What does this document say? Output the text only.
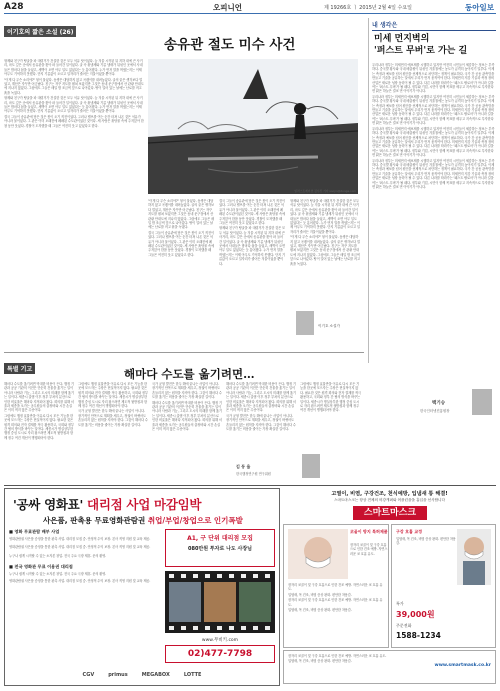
A28	오피니언	제 19266호 ㅣ 2015년 2월 4일 수요일	동아일보
이기호의 짧은 소설 (26)
송유관 절도 미수 사건

형제와 친구가 땅굴을 파 대령거가 건설한 것은 모두 석유 탓이었다. 늦 겨울 시작된 뒤 지하 내에 큰 사거리, 마도 깊은 곳에서 송유관을 찾아 파 들어간 일이었다. 굴 속 흙냄새와 기름 냄새가 뒤섞인 곳에서 사내들은 밤마다 삽을 들었고, 새벽이 오면 아무 일도 없었다는 듯 흩어졌다. 누가 먼저 말을 꺼냈는지는 이제 아무도 기억하지 못했다. 단지 기름값이 오르고 일자리가 줄어든 겨울이었을 뿐이다.

"이게 다 무슨 소리야?" 형이 물었다. 동생은 대답하지 않고 곡괭이를 내려놓았다. 굴의 끝은 생각보다 멀었고, 계산은 자꾸만 어긋났다. 친구는 자꾸 지도를 펼쳐 보았지만 그것은 동네 문구점에서 산 관광 안내도에 지나지 않았다. 그럼에도 그들은 매일 밤 조금씩 앞으로 나아갔다. 땅이 얼어 있는 날에는 난로를 켜고 흙을 녹였다.

형제와 친구가 땅굴을 파 대령거가 건설한 것은 모두 석유 탓이었다. 늦 겨울 시작된 뒤 지하 내에 큰 사거리, 마도 깊은 곳에서 송유관을 찾아 파 들어간 일이었다. 굴 속 흙냄새와 기름 냄새가 뒤섞인 곳에서 사내들은 밤마다 삽을 들었고, 새벽이 오면 아무 일도 없었다는 듯 흩어졌다. 누가 먼저 말을 꺼냈는지는 이제 아무도 기억하지 못했다. 단지 기름값이 오르고 일자리가 줄어든 겨울이었을 뿐이다.

결국 그들이 송유관에 닿은 것은 봄이 오기 직전이었다. 그러나 밸브를 여는 순간 터져 나온 것은 석유가 아니라 물이었다. 그 관은 이미 오래전에 폐쇄된 수도관이었던 것이다. 세 사람은 흙탕물 속에 주저앉아 한참 동안 웃었다. 경찰이 도착했을 때 그들은 여전히 웃고 있었다고 한다.

일러스트레이션 김수진 기자 soojin@donga.com

"이게 다 무슨 소리야?" 형이 물었다. 동생은 대답하지 않고 곡괭이를 내려놓았다. 굴의 끝은 생각보다 멀었고, 계산은 자꾸만 어긋났다. 친구는 자꾸 지도를 펼쳐 보았지만 그것은 동네 문구점에서 산 관광 안내도에 지나지 않았다. 그럼에도 그들은 매일 밤 조금씩 앞으로 나아갔다. 땅이 얼어 있는 날에는 난로를 켜고 흙을 녹였다.

결국 그들이 송유관에 닿은 것은 봄이 오기 직전이었다. 그러나 밸브를 여는 순간 터져 나온 것은 석유가 아니라 물이었다. 그 관은 이미 오래전에 폐쇄된 수도관이었던 것이다. 세 사람은 흙탕물 속에 주저앉아 한참 동안 웃었다. 경찰이 도착했을 때 그들은 여전히 웃고 있었다고 한다.

결국 그들이 송유관에 닿은 것은 봄이 오기 직전이었다. 그러나 밸브를 여는 순간 터져 나온 것은 석유가 아니라 물이었다. 그 관은 이미 오래전에 폐쇄된 수도관이었던 것이다. 세 사람은 흙탕물 속에 주저앉아 한참 동안 웃었다. 경찰이 도착했을 때 그들은 여전히 웃고 있었다고 한다.

형제와 친구가 땅굴을 파 대령거가 건설한 것은 모두 석유 탓이었다. 늦 겨울 시작된 뒤 지하 내에 큰 사거리, 마도 깊은 곳에서 송유관을 찾아 파 들어간 일이었다. 굴 속 흙냄새와 기름 냄새가 뒤섞인 곳에서 사내들은 밤마다 삽을 들었고, 새벽이 오면 아무 일도 없었다는 듯 흩어졌다. 누가 먼저 말을 꺼냈는지는 이제 아무도 기억하지 못했다. 단지 기름값이 오르고 일자리가 줄어든 겨울이었을 뿐이다.

형제와 친구가 땅굴을 파 대령거가 건설한 것은 모두 석유 탓이었다. 늦 겨울 시작된 뒤 지하 내에 큰 사거리, 마도 깊은 곳에서 송유관을 찾아 파 들어간 일이었다. 굴 속 흙냄새와 기름 냄새가 뒤섞인 곳에서 사내들은 밤마다 삽을 들었고, 새벽이 오면 아무 일도 없었다는 듯 흩어졌다. 누가 먼저 말을 꺼냈는지는 이제 아무도 기억하지 못했다. 단지 기름값이 오르고 일자리가 줄어든 겨울이었을 뿐이다.

"이게 다 무슨 소리야?" 형이 물었다. 동생은 대답하지 않고 곡괭이를 내려놓았다. 굴의 끝은 생각보다 멀었고, 계산은 자꾸만 어긋났다. 친구는 자꾸 지도를 펼쳐 보았지만 그것은 동네 문구점에서 산 관광 안내도에 지나지 않았다. 그럼에도 그들은 매일 밤 조금씩 앞으로 나아갔다. 땅이 얼어 있는 날에는 난로를 켜고 흙을 녹였다.

이기호 소설가
내 생각은
미세 먼지벽의
'퍼스트 무버'로 가는 길

우리나라 정부는 미세먼지 예보제를 시행하고 있지만 여전히 시민들이 체감하는 정보는 부족하다. 중국발 황사와 국내 배출원이 뒤섞인 겨울철에는 농도가 급격히 높아지기 일쑤다. 이제는 측정과 예보를 넘어 원인을 선제적으로 차단하는 정책이 필요하다. 국가 간 공동 관측망을 만들고 기술을 공유하는 일에서 우리가 먼저 움직여야 한다. 미세먼지 저감 기술과 측정 장비 산업은 새로운 성장 동력이 될 수 있다. 다른 나라를 따라가는 '패스트 팔로어'가 아니라 길을 여는 '퍼스트 무버'가 될 때다. 정부와 기업, 시민이 함께 목표를 세우고 지속적으로 투자한다면 맑은 하늘은 결코 먼 이야기가 아니다.

우리나라 정부는 미세먼지 예보제를 시행하고 있지만 여전히 시민들이 체감하는 정보는 부족하다. 중국발 황사와 국내 배출원이 뒤섞인 겨울철에는 농도가 급격히 높아지기 일쑤다. 이제는 측정과 예보를 넘어 원인을 선제적으로 차단하는 정책이 필요하다. 국가 간 공동 관측망을 만들고 기술을 공유하는 일에서 우리가 먼저 움직여야 한다. 미세먼지 저감 기술과 측정 장비 산업은 새로운 성장 동력이 될 수 있다. 다른 나라를 따라가는 '패스트 팔로어'가 아니라 길을 여는 '퍼스트 무버'가 될 때다. 정부와 기업, 시민이 함께 목표를 세우고 지속적으로 투자한다면 맑은 하늘은 결코 먼 이야기가 아니다.

우리나라 정부는 미세먼지 예보제를 시행하고 있지만 여전히 시민들이 체감하는 정보는 부족하다. 중국발 황사와 국내 배출원이 뒤섞인 겨울철에는 농도가 급격히 높아지기 일쑤다. 이제는 측정과 예보를 넘어 원인을 선제적으로 차단하는 정책이 필요하다. 국가 간 공동 관측망을 만들고 기술을 공유하는 일에서 우리가 먼저 움직여야 한다. 미세먼지 저감 기술과 측정 장비 산업은 새로운 성장 동력이 될 수 있다. 다른 나라를 따라가는 '패스트 팔로어'가 아니라 길을 여는 '퍼스트 무버'가 될 때다. 정부와 기업, 시민이 함께 목표를 세우고 지속적으로 투자한다면 맑은 하늘은 결코 먼 이야기가 아니다.

우리나라 정부는 미세먼지 예보제를 시행하고 있지만 여전히 시민들이 체감하는 정보는 부족하다. 중국발 황사와 국내 배출원이 뒤섞인 겨울철에는 농도가 급격히 높아지기 일쑤다. 이제는 측정과 예보를 넘어 원인을 선제적으로 차단하는 정책이 필요하다. 국가 간 공동 관측망을 만들고 기술을 공유하는 일에서 우리가 먼저 움직여야 한다. 미세먼지 저감 기술과 측정 장비 산업은 새로운 성장 동력이 될 수 있다. 다른 나라를 따라가는 '패스트 팔로어'가 아니라 길을 여는 '퍼스트 무버'가 될 때다. 정부와 기업, 시민이 함께 목표를 세우고 지속적으로 투자한다면 맑은 하늘은 결코 먼 이야기가 아니다.

특별 기고	해마다 수도를 옮기려면…

해마다 수도를 옮기려면 막대한 비용이 든다. 행정 기관과 공공 기관의 이전은 단순히 건물을 옮기는 일이 아니라 사람과 기능, 그리고 도시의 미래를 함께 옮기는 일이다. 세종시 출범 이후 정부 부처의 분산으로 인한 비효율은 해마다 지적되어 왔다. 회의를 위해 서울과 세종을 오가는 공무원들의 출장비와 시간 손실은 이미 적지 않은 수준이다.

그럼에도 행정 효율만을 이유로 다시 모든 기능을 한곳에 모으자는 주장은 현실적이지 않다. 필요한 것은 원격 회의와 전자 결재를 적극 활용하고, 국회와 정부 간 협의 방식을 바꾸는 일이다. 세종시가 명실상부한 행정 중심 도시로 자리 잡으려면 제도적 뒷받침과 함께 정주 여건 개선이 병행되어야 한다.

그럼에도 행정 효율만을 이유로 다시 모든 기능을 한곳에 모으자는 주장은 현실적이지 않다. 필요한 것은 원격 회의와 전자 결재를 적극 활용하고, 국회와 정부 간 협의 방식을 바꾸는 일이다. 세종시가 명실상부한 행정 중심 도시로 자리 잡으려면 제도적 뒷받침과 함께 정주 여건 개선이 병행되어야 한다.

국가 균형 발전은 한두 해에 끝나는 사업이 아니다. 장기적인 안목으로 계획을 세우고, 정권이 바뀌어도 흔들리지 않는 원칙을 지켜야 한다. 그것이 해마다 수도를 옮기는 비용을 줄이는 가장 확실한 길이다.

국가 균형 발전은 한두 해에 끝나는 사업이 아니다. 장기적인 안목으로 계획을 세우고, 정권이 바뀌어도 흔들리지 않는 원칙을 지켜야 한다. 그것이 해마다 수도를 옮기는 비용을 줄이는 가장 확실한 길이다.

해마다 수도를 옮기려면 막대한 비용이 든다. 행정 기관과 공공 기관의 이전은 단순히 건물을 옮기는 일이 아니라 사람과 기능, 그리고 도시의 미래를 함께 옮기는 일이다. 세종시 출범 이후 정부 부처의 분산으로 인한 비효율은 해마다 지적되어 왔다. 회의를 위해 서울과 세종을 오가는 공무원들의 출장비와 시간 손실은 이미 적지 않은 수준이다.

해마다 수도를 옮기려면 막대한 비용이 든다. 행정 기관과 공공 기관의 이전은 단순히 건물을 옮기는 일이 아니라 사람과 기능, 그리고 도시의 미래를 함께 옮기는 일이다. 세종시 출범 이후 정부 부처의 분산으로 인한 비효율은 해마다 지적되어 왔다. 회의를 위해 서울과 세종을 오가는 공무원들의 출장비와 시간 손실은 이미 적지 않은 수준이다.

국가 균형 발전은 한두 해에 끝나는 사업이 아니다. 장기적인 안목으로 계획을 세우고, 정권이 바뀌어도 흔들리지 않는 원칙을 지켜야 한다. 그것이 해마다 수도를 옮기는 비용을 줄이는 가장 확실한 길이다.

그럼에도 행정 효율만을 이유로 다시 모든 기능을 한곳에 모으자는 주장은 현실적이지 않다. 필요한 것은 원격 회의와 전자 결재를 적극 활용하고, 국회와 정부 간 협의 방식을 바꾸는 일이다. 세종시가 명실상부한 행정 중심 도시로 자리 잡으려면 제도적 뒷받침과 함께 정주 여건 개선이 병행되어야 한다.

김 동 율
한국행정연구원 연구위원
백기승
한국인터넷진흥원장
'공싸 영화표' 대리점 사업 마감임박
사은품, 판촉용 무료영화관람권 취업/부업/창업으로 인기폭발
■ 영화 무료관람 배부 사업
영화관람권 사은품 증정을 통한 판촉 사업. 대리점 모집 중. 안정적 수익 보장. 본사 직영 지원 및 교육 제공.
영화관람권 사은품 증정을 통한 판촉 사업. 대리점 모집 중. 안정적 수익 보장. 본사 직영 지원 및 교육 제공.
누구나 쉽게 시작할 수 있는 소자본 창업. 전국 주요 극장 제휴. 문의 환영.
■ 전국 영화관 무료 이용권 대리점
누구나 쉽게 시작할 수 있는 소자본 창업. 전국 주요 극장 제휴. 문의 환영.
영화관람권 사은품 증정을 통한 판촉 사업. 대리점 모집 중. 안정적 수익 보장. 본사 직영 지원 및 교육 제공.
A1, 구 단위 대리점 모집
080만원 투자로 나도 사장님
www.무비키.com
02)477-7798
CGV	primus	MEGABOX	LOTTE
고열이, 비염, 구강건조, 천식예방, 입냄새 통 해결!
스마트마스크는 항상 전체의 비강캐퍼와 어플린을을 흡입을 선사합니다
스마트마스크
코골이 방지 특허제품
잠자리 코골이 및 구강 호흡으로 인한 건조 예방. 자연스러운 코 호흡 유도.

잠자리 코골이 및 구강 호흡으로 인한 건조 예방. 자연스러운 코 호흡 유도.

입냄새, 목 건조, 비염 증상 완화. 편안한 착용감.

잠자리 코골이 및 구강 호흡으로 인한 건조 예방. 자연스러운 코 호흡 유도.

입냄새, 목 건조, 비염 증상 완화. 편안한 착용감.

구강 호흡 교정
입냄새, 목 건조, 비염 증상 완화. 편안한 착용감.
특가
39,000원
주문전화
1588-1234

잠자리 코골이 및 구강 호흡으로 인한 건조 예방. 자연스러운 코 호흡 유도.

입냄새, 목 건조, 비염 증상 완화. 편안한 착용감.

www.smartmask.co.kr
